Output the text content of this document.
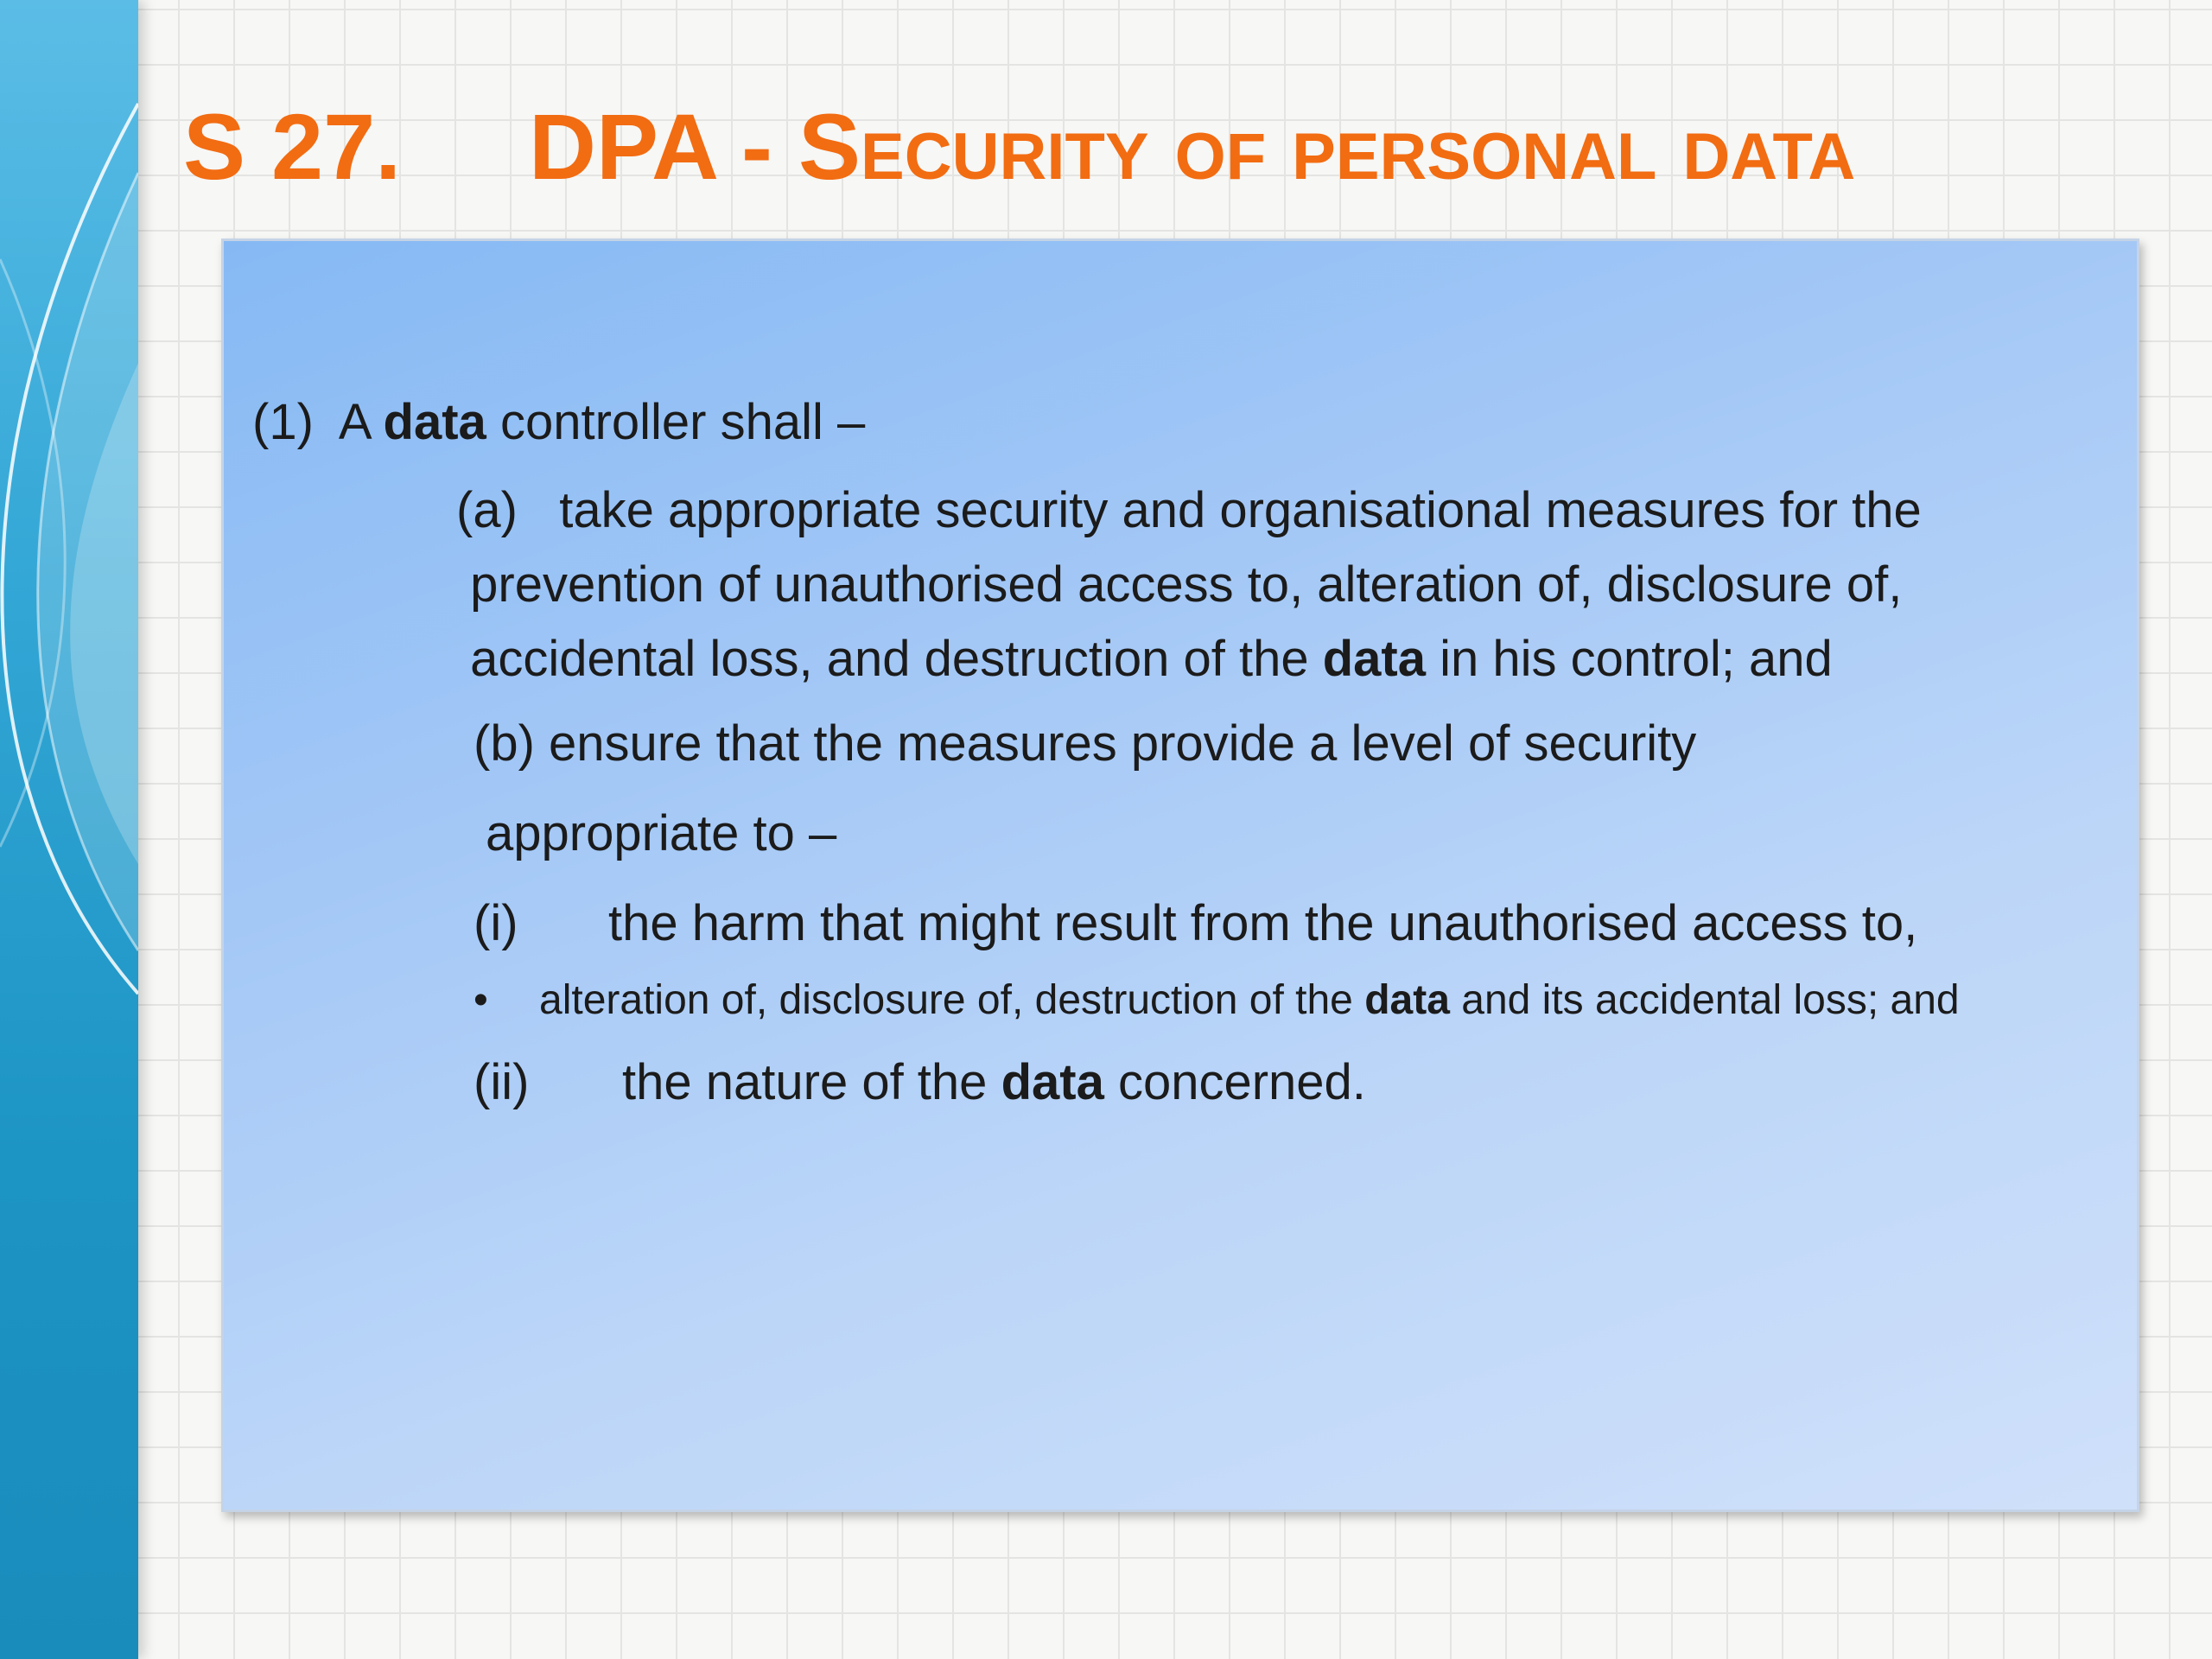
S 27. DPA - Security of personal data

(1) A data controller shall –

(a) take appropriate security and organisational measures for the
prevention of unauthorised access to, alteration of, disclosure of,
accidental loss, and destruction of the data in his control; and

(b) ensure that the measures provide a level of security

appropriate to –

(i) the harm that might result from the unauthorised access to,

• alteration of, disclosure of, destruction of the data and its accidental loss; and

(ii) the nature of the data concerned.
